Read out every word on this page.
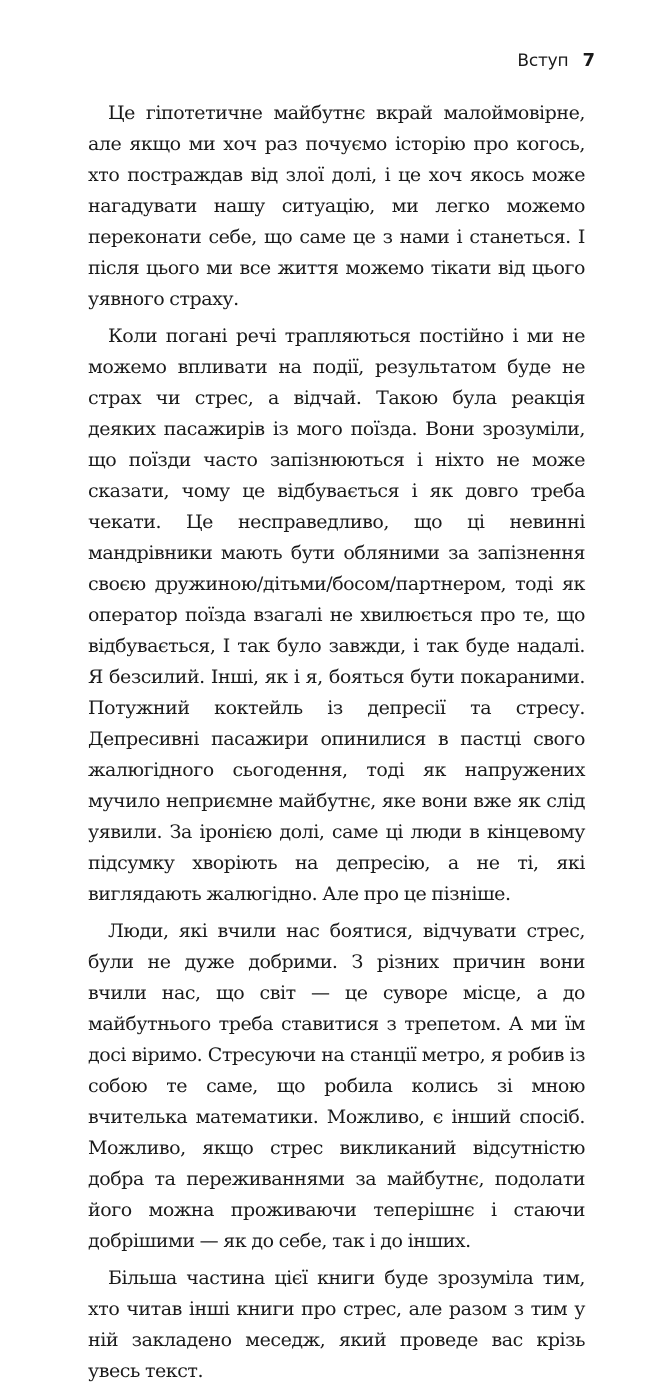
Вступ 7

Це гіпотетичне майбутнє вкрай малоймовірне, але якщо ми хоч раз почуємо історію про когось, хто постраждав від злої долі, і це хоч якось може нагадувати нашу ситуацію, ми легко можемо переконати себе, що саме це з нами і станеться. І після цього ми все життя можемо тікати від цього уявного страху.

Коли погані речі трапляються постійно і ми не можемо впливати на події, результатом буде не страх чи стрес, а відчай. Такою була реакція деяких пасажирів із мого поїзда. Вони зрозуміли, що поїзди часто запізнюються і ніхто не може сказати, чому це відбувається і як довго треба чекати. Це несправедливо, що ці невинні мандрівники мають бути обляними за запізнення своєю дружиною/дітьми/босом/партнером, тоді як оператор поїзда взагалі не хвилюється про те, що відбувається, І так було завжди, і так буде надалі. Я безсилий. Інші, як і я, бояться бути покараними. Потужний коктейль із депресії та стресу. Депресивні пасажири опинилися в пастці свого жалюгідного сьогодення, тоді як напружених мучило неприємне майбутнє, яке вони вже як слід уявили. За іронією долі, саме ці люди в кінцевому підсумку хворіють на депресію, а не ті, які виглядають жалюгідно. Але про це пізніше.

Люди, які вчили нас боятися, відчувати стрес, були не дуже добрими. З різних причин вони вчили нас, що світ — це суворе місце, а до майбутнього треба ставитися з трепетом. А ми їм досі віримо. Стресуючи на станції метро, я робив із собою те саме, що робила колись зі мною вчителька математики. Можливо, є інший спосіб. Можливо, якщо стрес викликаний відсутністю добра та переживаннями за майбутнє, подолати його можна проживаючи теперішнє і стаючи добрішими — як до себе, так і до інших.

Більша частина цієї книги буде зрозуміла тим, хто читав інші книги про стрес, але разом з тим у ній закладено меседж, який проведе вас крізь увесь текст.
